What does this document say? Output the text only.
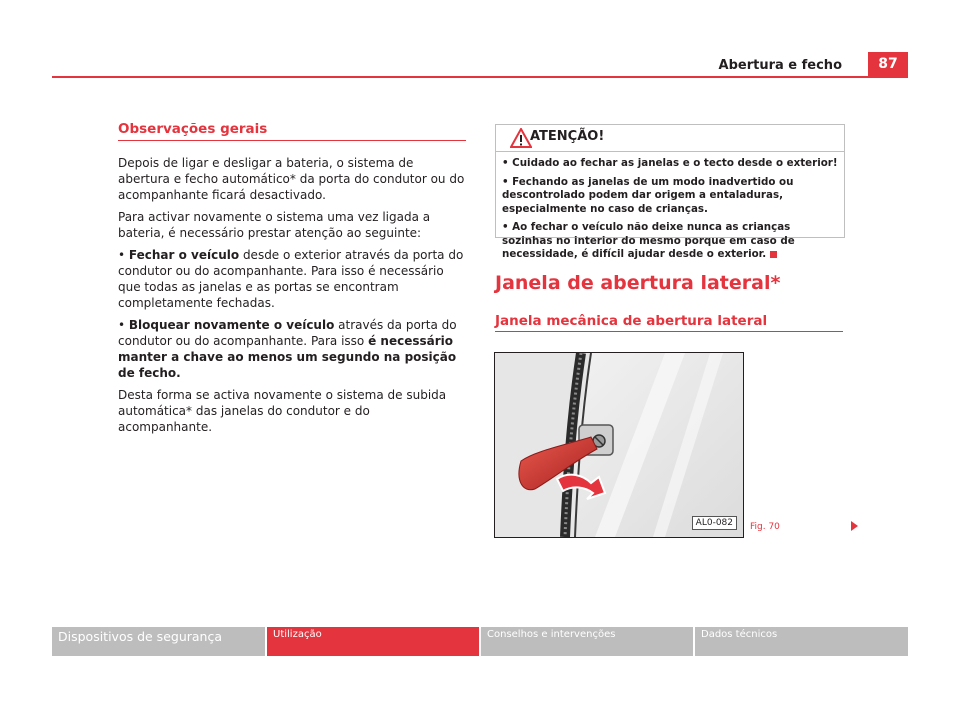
Abertura e fecho	87
Observações gerais

Depois de ligar e desligar a bateria, o sistema de abertura e fecho automático* da porta do condutor ou do acompanhante ficará desactivado.

Para activar novamente o sistema uma vez ligada a bateria, é necessário prestar atenção ao seguinte:

• Fechar o veículo desde o exterior através da porta do condutor ou do acompanhante. Para isso é necessário que todas as janelas e as portas se encontram completamente fechadas.

• Bloquear novamente o veículo através da porta do condutor ou do acompanhante. Para isso é necessário manter a chave ao menos um segundo na posição de fecho.

Desta forma se activa novamente o sistema de subida automática* das janelas do condutor e do acompanhante.

ATENÇÃO!

• Cuidado ao fechar as janelas e o tecto desde o exterior!

• Fechando as janelas de um modo inadvertido ou descontrolado podem dar origem a entaladuras, especialmente no caso de crianças.

• Ao fechar o veículo não deixe nunca as crianças sozinhas no interior do mesmo porque em caso de necessidade, é difícil ajudar desde o exterior.

Janela de abertura lateral*
Janela mecânica de abertura lateral
AL0-082	Fig. 70
Dispositivos de segurança	Utilização	Conselhos e intervenções	Dados técnicos
